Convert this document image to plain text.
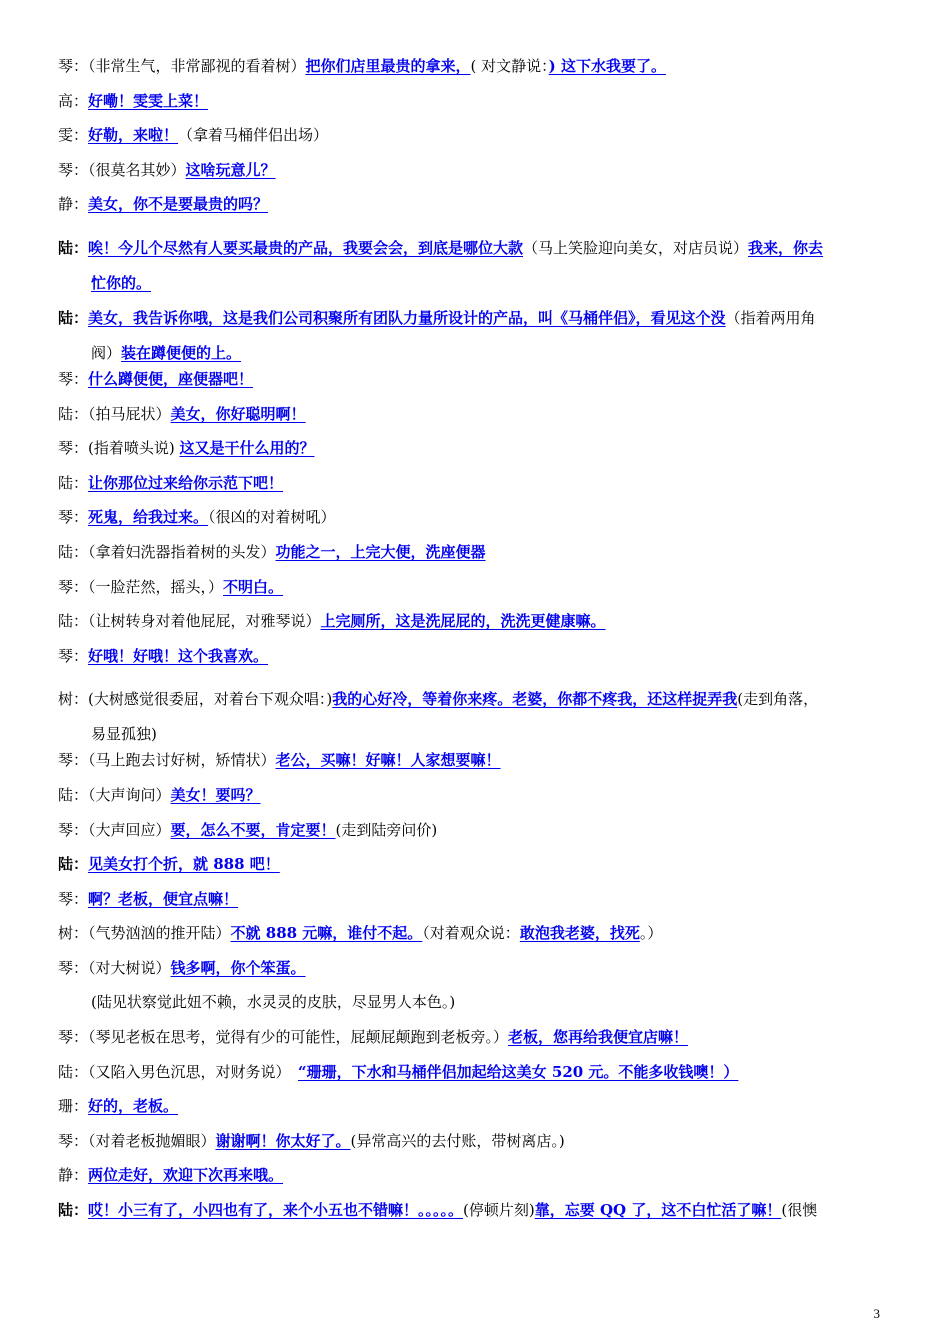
琴：（非常生气，非常鄙视的看着树）把你们店里最贵的拿来，( 对文静说：) 这下水我要了。
高：好嘞！雯雯上菜！
雯：好勒，来啦！（拿着马桶伴侣出场）
琴：（很莫名其妙）这啥玩意儿？
静：美女，你不是要最贵的吗？
陆：唉！今儿个尽然有人要买最贵的产品，我要会会，到底是哪位大款（马上笑脸迎向美女，对店员说）我来，你去
忙你的。
陆：美女，我告诉你哦，这是我们公司积聚所有团队力量所设计的产品，叫《马桶伴侣》，看见这个没（指着两用角
阀）装在蹲便便的上。
琴：什么蹲便便，座便器吧！
陆：（拍马屁状）美女，你好聪明啊！
琴：(指着喷头说) 这又是干什么用的？
陆：让你那位过来给你示范下吧！
琴：死鬼，给我过来。（很凶的对着树吼）
陆：（拿着妇洗器指着树的头发）功能之一，上完大便，洗座便器
琴：（一脸茫然，摇头，）不明白。
陆：（让树转身对着他屁屁，对雅琴说）上完厕所，这是洗屁屁的，洗洗更健康嘛。
琴：好哦！好哦！这个我喜欢。
树：(大树感觉很委屈，对着台下观众唱：)我的心好冷，等着你来疼。老婆，你都不疼我，还这样捉弄我(走到角落，
易显孤独)
琴：（马上跑去讨好树，矫情状）老公，买嘛！好嘛！人家想要嘛！
陆：（大声询问）美女！要吗？
琴：（大声回应）要，怎么不要，肯定要！(走到陆旁问价)
陆：见美女打个折，就 888 吧！
琴：啊？老板，便宜点嘛！
树：（气势汹汹的推开陆）不就 888 元嘛，谁付不起。（对着观众说：敢泡我老婆，找死。）
琴：（对大树说）钱多啊，你个笨蛋。
(陆见状察觉此妞不赖，水灵灵的皮肤，尽显男人本色。)
琴：（琴见老板在思考，觉得有少的可能性，屁颠屁颠跑到老板旁。）老板，您再给我便宜店嘛！
陆：（又陷入男色沉思，对财务说）　“珊珊，下水和马桶伴侣加起给这美女 520 元。不能多收钱噢！）
珊：好的，老板。
琴：（对着老板抛媚眼）谢谢啊！你太好了。(异常高兴的去付账，带树离店。)
静：两位走好，欢迎下次再来哦。
陆：哎！小三有了，小四也有了，来个小五也不错嘛！。。。。。(停顿片刻)靠，忘要 QQ 了，这不白忙活了嘛！(很懊
3
